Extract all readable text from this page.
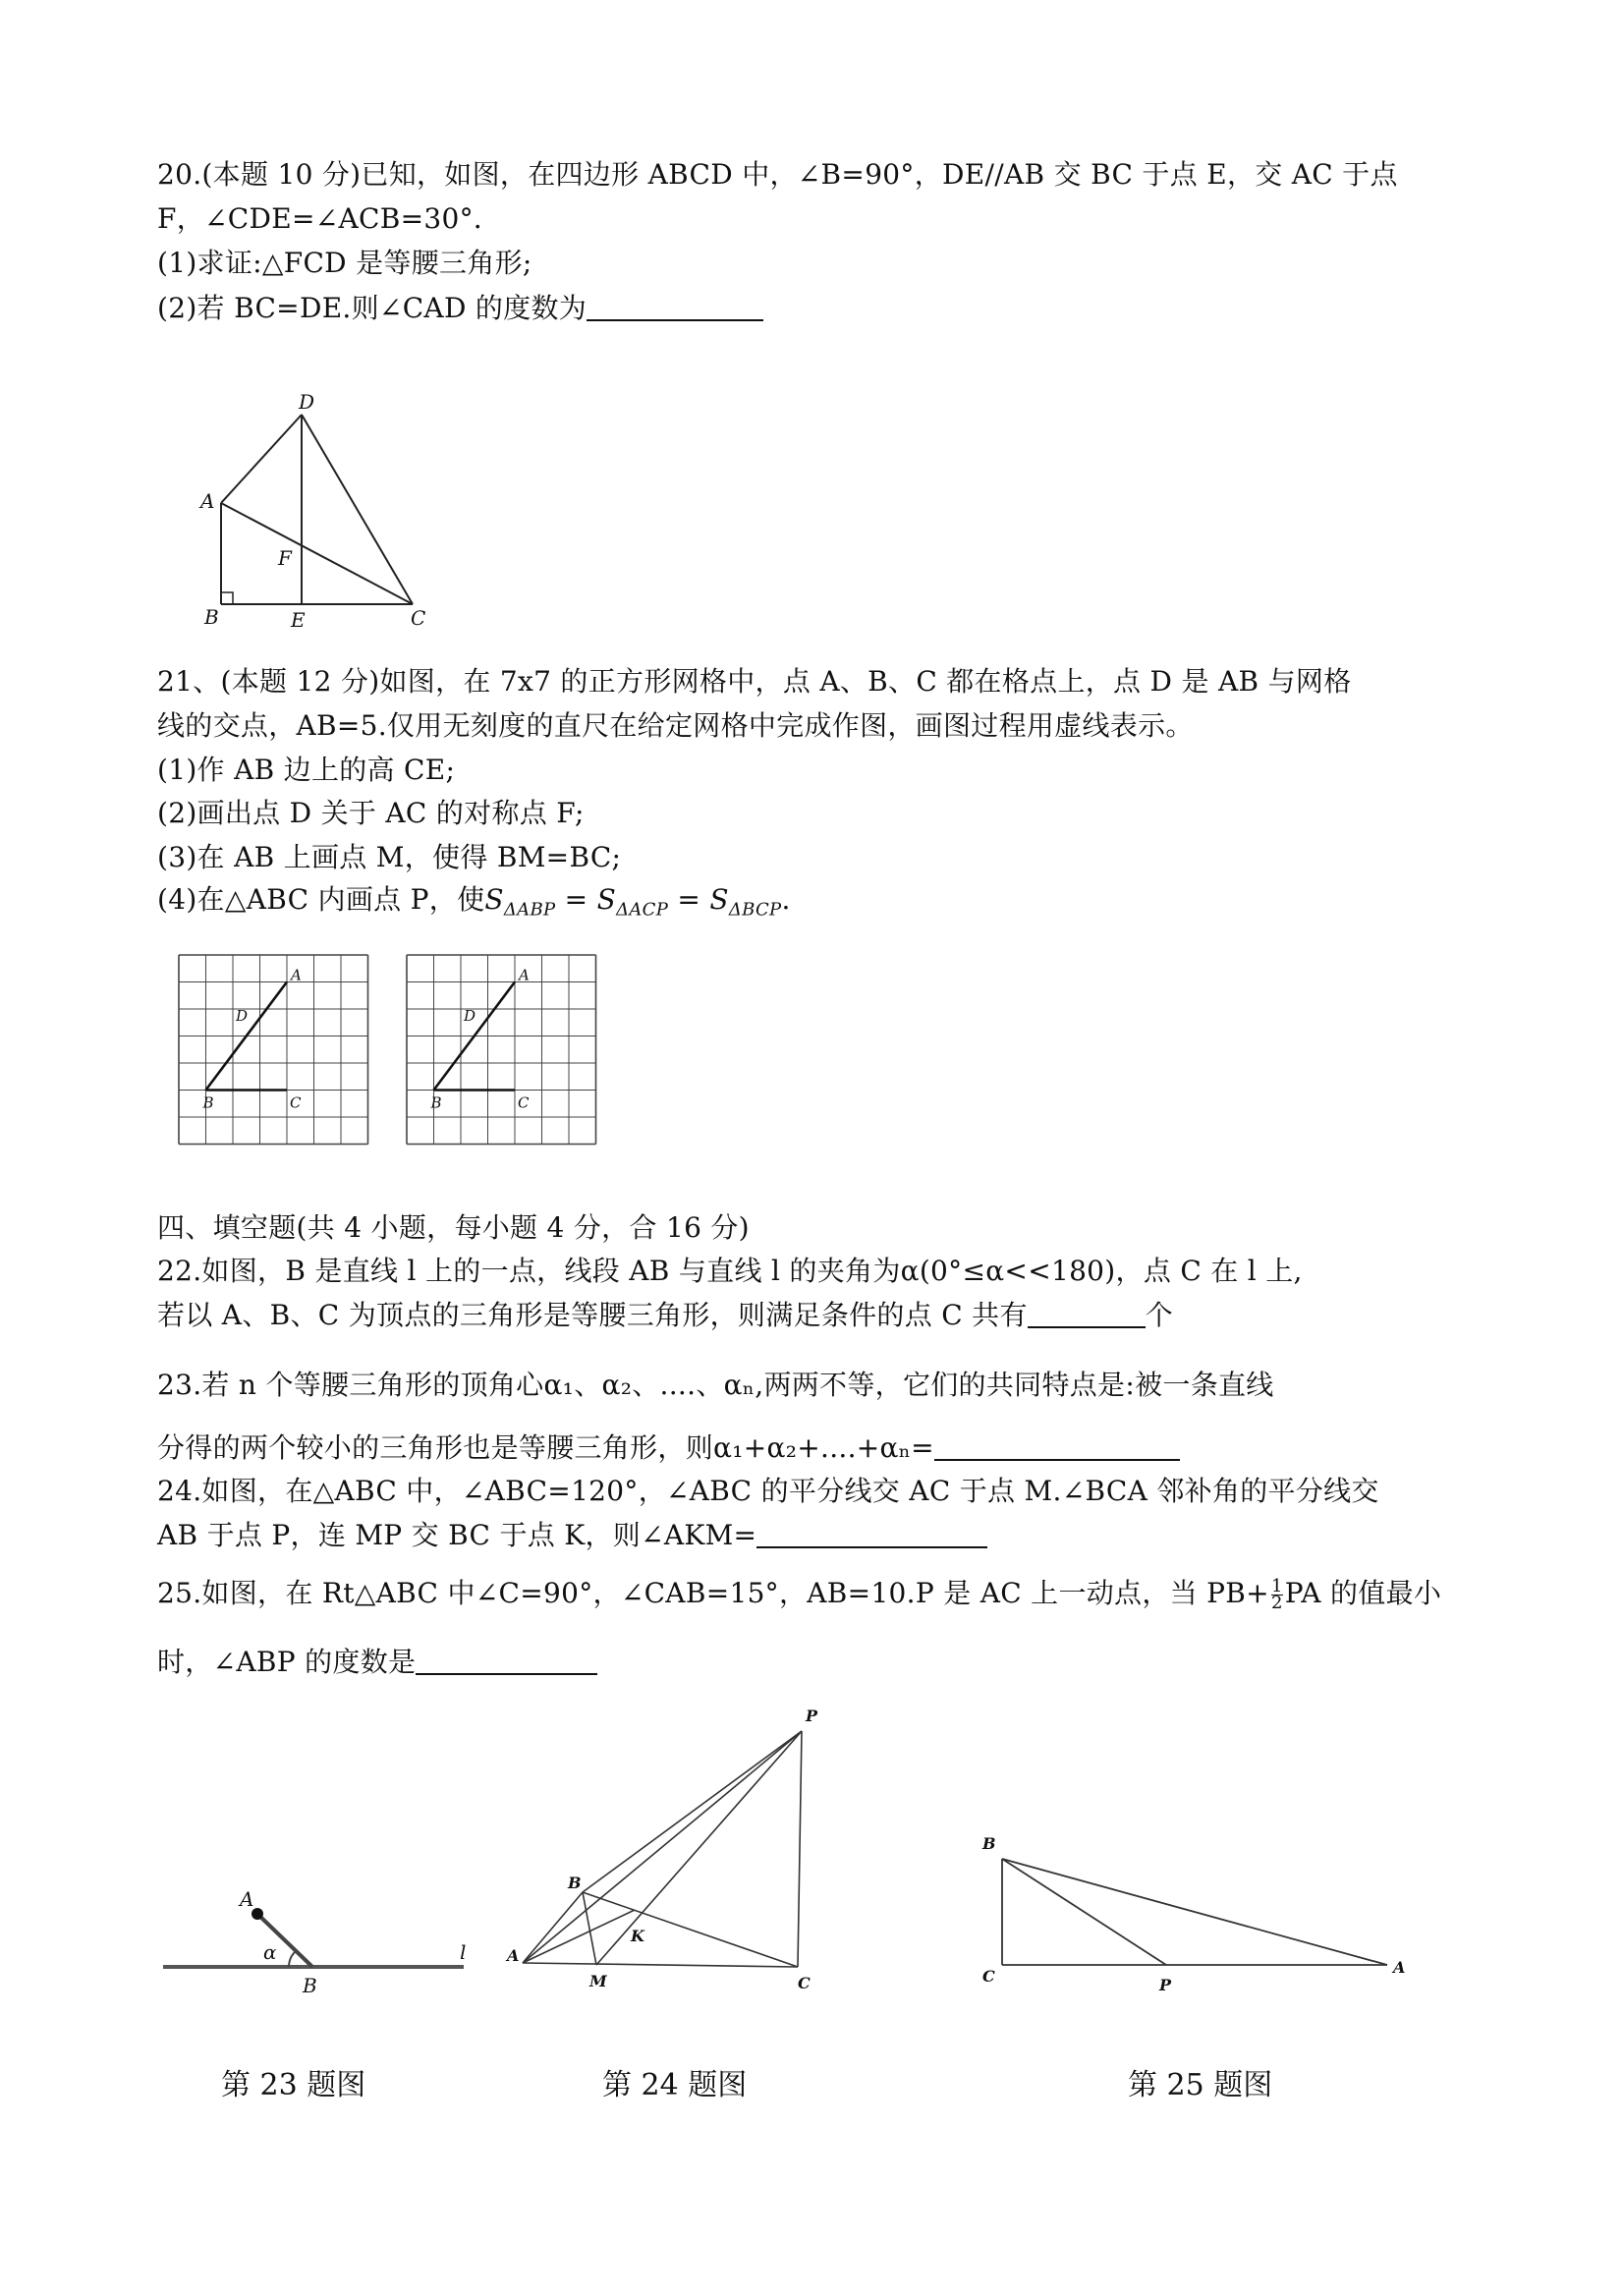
20.(本题 10 分)已知，如图，在四边形 ABCD 中，∠B=90°，DE//AB 交 BC 于点 E，交 AC 于点
F，∠CDE=∠ACB=30°．
(1)求证:△FCD 是等腰三角形;
(2)若 BC=DE.则∠CAD 的度数为
A
B	C
D
E
F
21、(本题 12 分)如图，在 7x7 的正方形网格中，点 A、B、C 都在格点上，点 D 是 AB 与网格
线的交点，AB=5.仅用无刻度的直尺在给定网格中完成作图，画图过程用虚线表示。
(1)作 AB 边上的高 CE;
(2)画出点 D 关于 AC 的对称点 F;
(3)在 AB 上画点 M，使得 BM=BC;
(4)在△ABC 内画点 P，使$S_{\Delta ABP} = S_{\Delta ACP} = S_{\Delta BCP}$.
A
D
B	C
A
D
B	C
四、填空题(共 4 小题，每小题 4 分，合 16 分)
22.如图，B 是直线 l 上的一点，线段 AB 与直线 l 的夹角为α(0°≤α<<180)，点 C 在 l 上,
若以 A、B、C 为顶点的三角形是等腰三角形，则满足条件的点 C 共有	个
23.若 n 个等腰三角形的顶角心α₁、α₂、....、αₙ,两两不等，它们的共同特点是:被一条直线
分得的两个较小的三角形也是等腰三角形，则α₁+α₂+....+αₙ=
24.如图，在△ABC 中，∠ABC=120°，∠ABC 的平分线交 AC 于点 M.∠BCA 邻补角的平分线交
AB 于点 P，连 MP 交 BC 于点 K，则∠AKM=
25.如图，在 Rt△ABC 中∠C=90°，∠CAB=15°，AB=10.P 是 AC 上一动点，当 $PB+ \frac{1}{2}$ PA 的值最小
时，∠ABP 的度数是
A
B
l
α
P
B
A
K
M	C
B
C	P
A
第 23 题图	第 24 题图	第 25 题图
